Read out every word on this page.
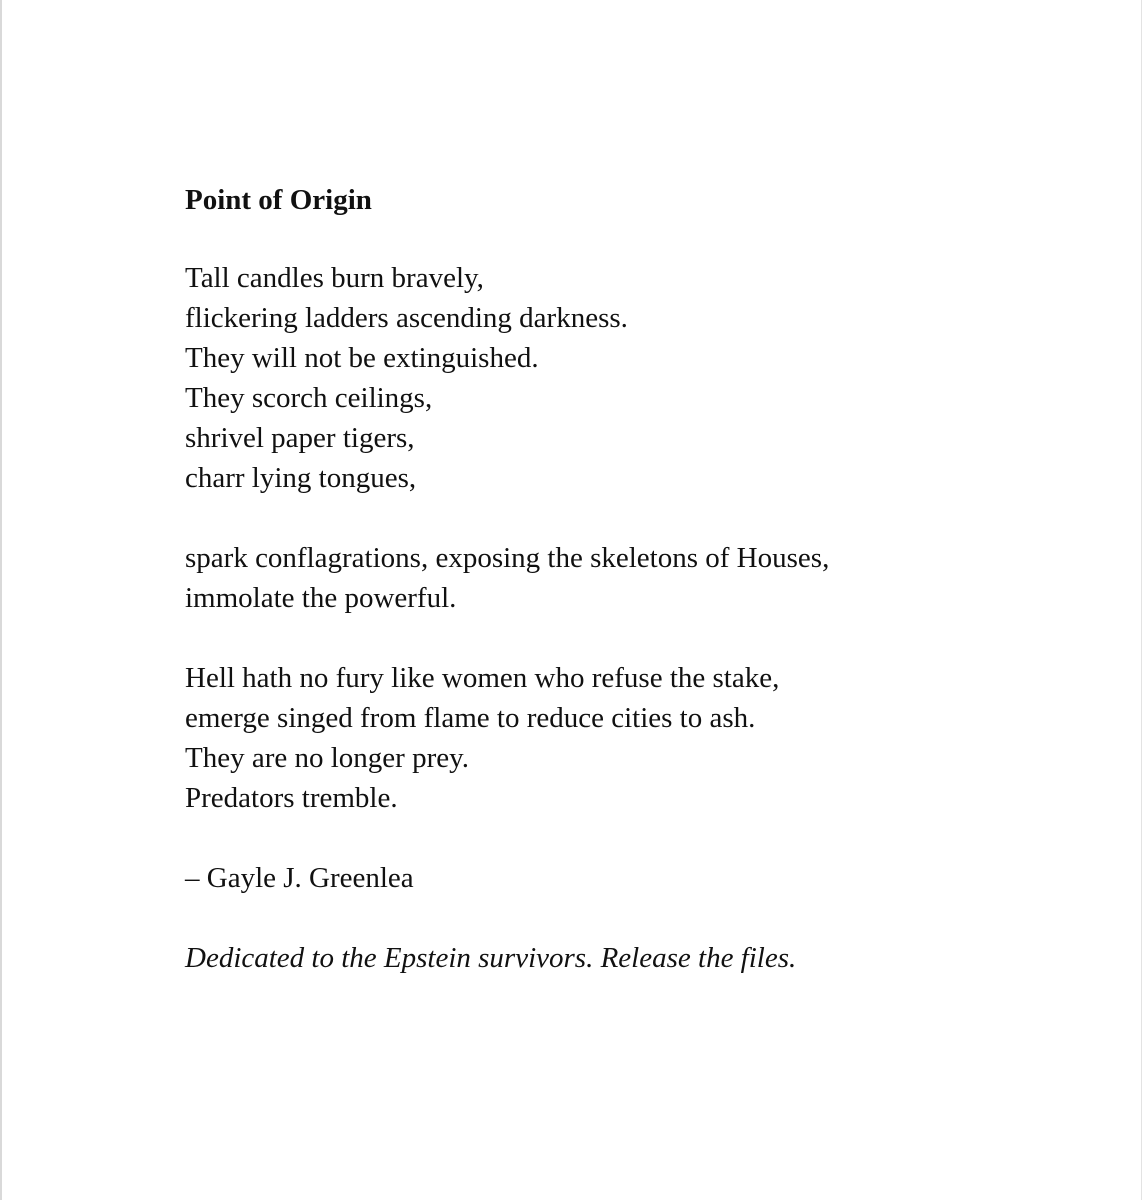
Point of Origin
Tall candles burn bravely,
flickering ladders ascending darkness.
They will not be extinguished.
They scorch ceilings,
shrivel paper tigers,
charr lying tongues,
spark conflagrations, exposing the skeletons of Houses,
immolate the powerful.
Hell hath no fury like women who refuse the stake,
emerge singed from flame to reduce cities to ash.
They are no longer prey.
Predators tremble.
– Gayle J. Greenlea
Dedicated to the Epstein survivors. Release the files.
